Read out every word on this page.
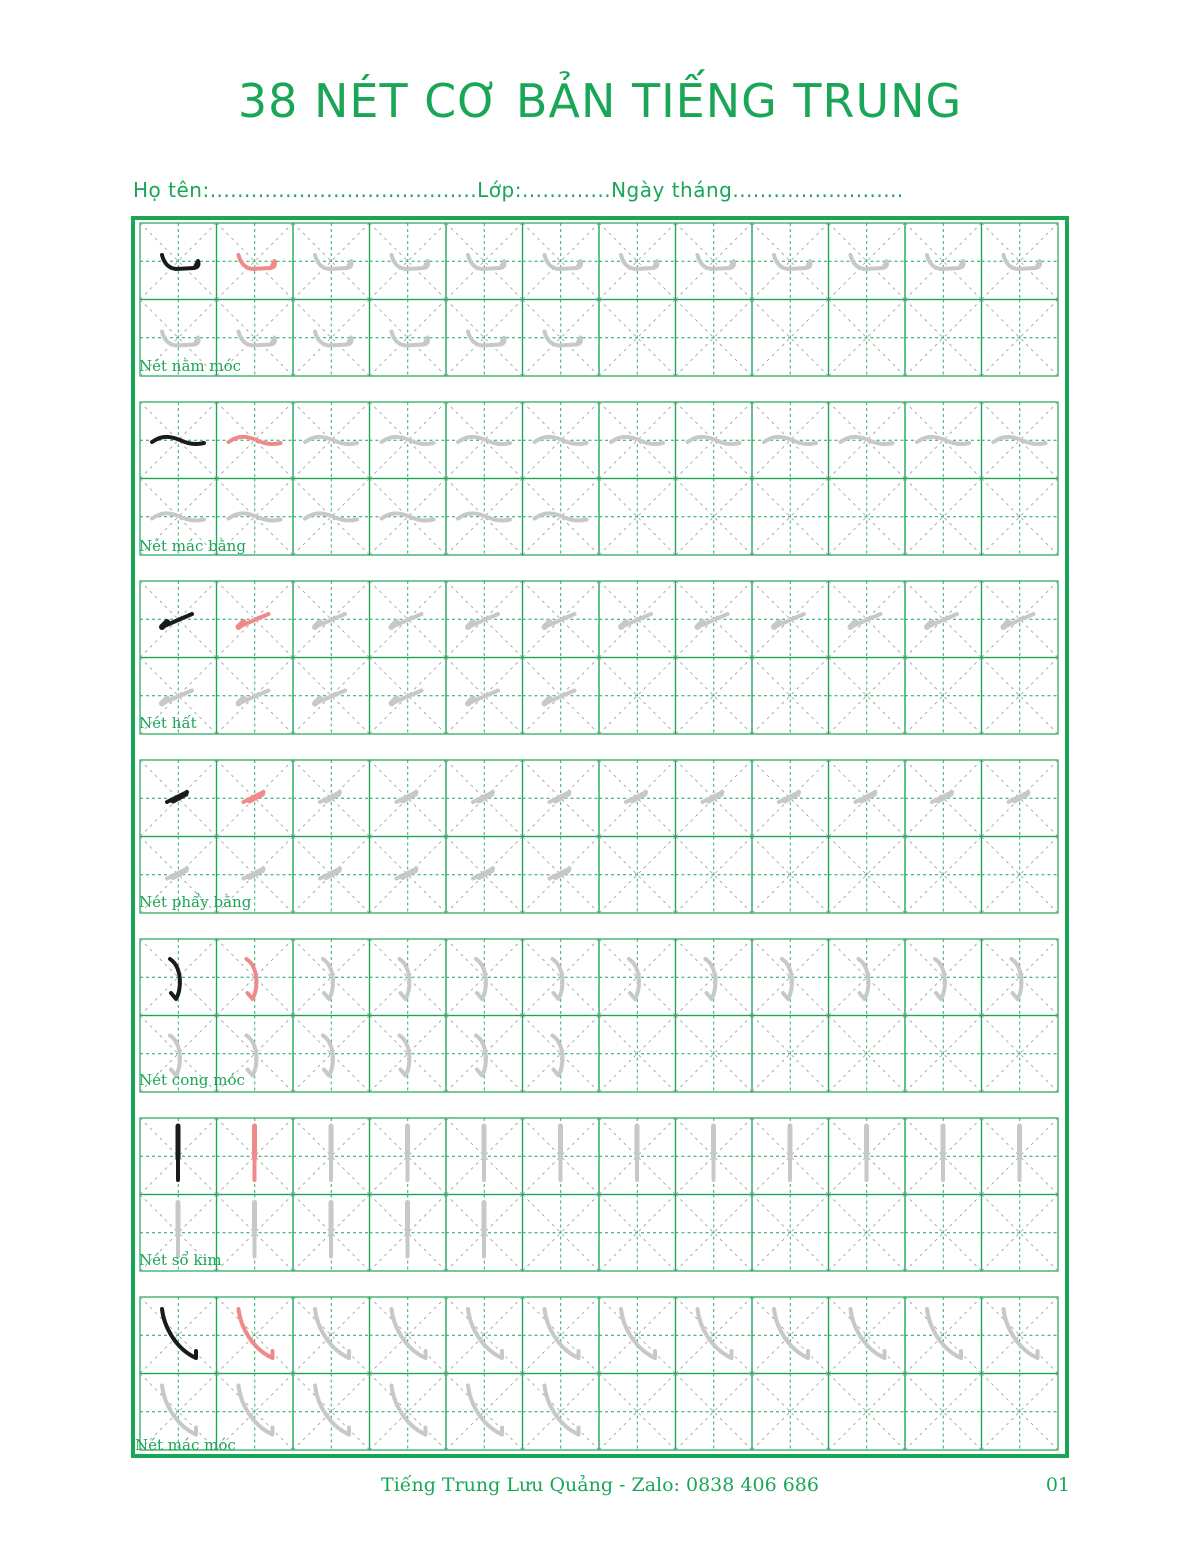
38 NÉT CƠ BẢN TIẾNG TRUNG
Họ tên:.......................................Lớp:.............Ngày tháng.........................
Nét nằm móc
Nét mác bằng
Nét hất
Nét phẩy bằng
Nét cong móc
Nét sổ kim
Nét mác móc
Tiếng Trung Lưu Quảng - Zalo: 0838 406 686	01
